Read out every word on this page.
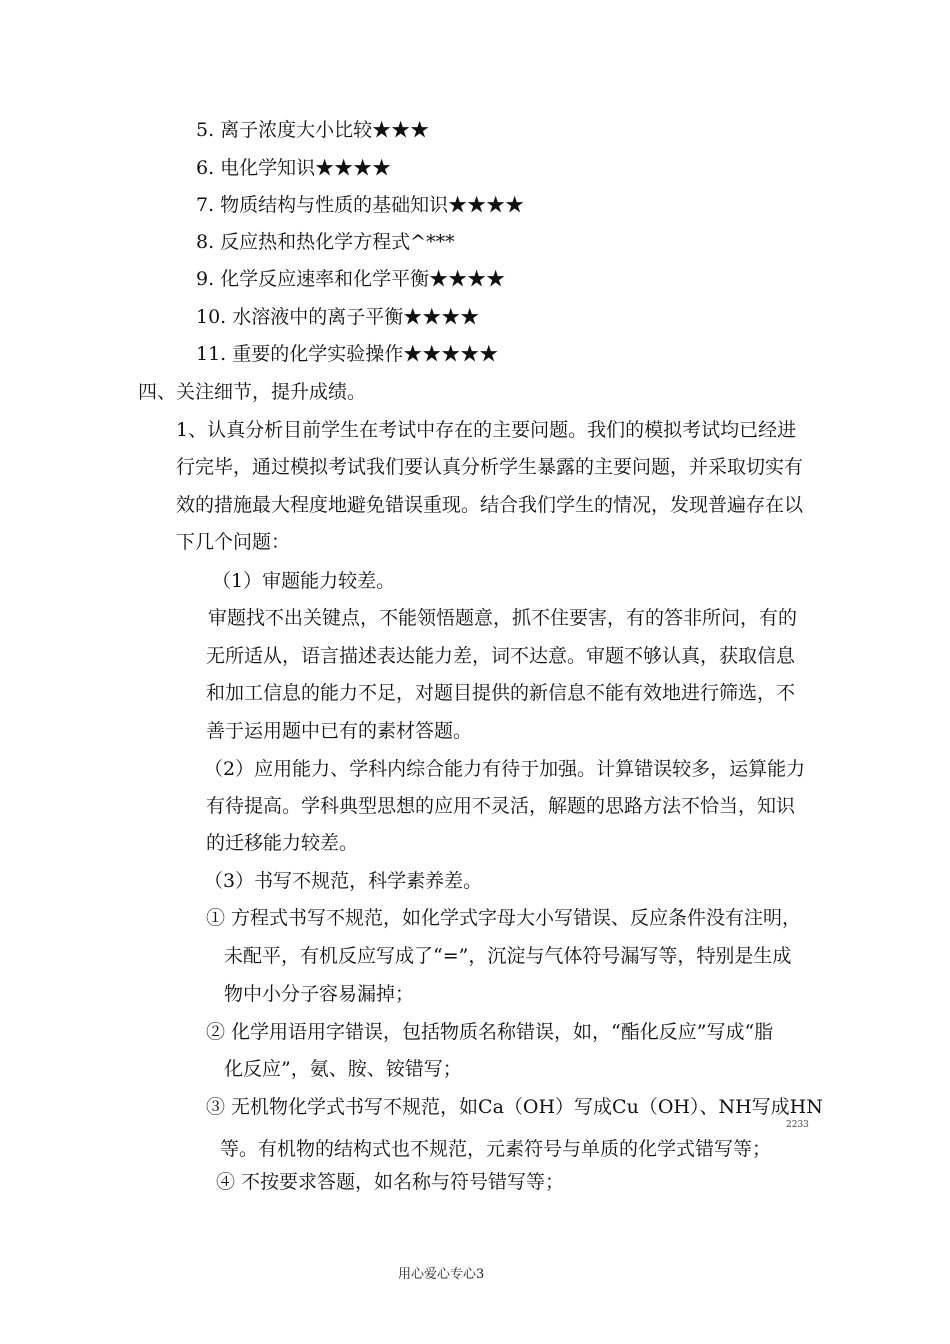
5. 离子浓度大小比较★★★
6. 电化学知识★★★★
7. 物质结构与性质的基础知识★★★★
8. 反应热和热化学方程式^***
9. 化学反应速率和化学平衡★★★★
10. 水溶液中的离子平衡★★★★
11. 重要的化学实验操作★★★★★
四、关注细节，提升成绩。
1、认真分析目前学生在考试中存在的主要问题。我们的模拟考试均已经进
行完毕，通过模拟考试我们要认真分析学生暴露的主要问题，并采取切实有
效的措施最大程度地避免错误重现。结合我们学生的情况，发现普遍存在以
下几个问题：
（1）审题能力较差。
审题找不出关键点，不能领悟题意，抓不住要害，有的答非所问，有的
无所适从，语言描述表达能力差，词不达意。审题不够认真，获取信息
和加工信息的能力不足，对题目提供的新信息不能有效地进行筛选，不
善于运用题中已有的素材答题。
（2）应用能力、学科内综合能力有待于加强。计算错误较多，运算能力
有待提高。学科典型思想的应用不灵活，解题的思路方法不恰当，知识
的迁移能力较差。
（3）书写不规范，科学素养差。
① 方程式书写不规范，如化学式字母大小写错误、反应条件没有注明，
未配平，有机反应写成了“=”，沉淀与气体符号漏写等，特别是生成
物中小分子容易漏掉；
② 化学用语用字错误，包括物质名称错误，如，“酯化反应”写成“脂
化反应”，氨、胺、铵错写；
③ 无机物化学式书写不规范，如Ca（OH）写成Cu（OH）、NH写成HN
2233
等。有机物的结构式也不规范，元素符号与单质的化学式错写等；
④ 不按要求答题，如名称与符号错写等；
用心爱心专心3
